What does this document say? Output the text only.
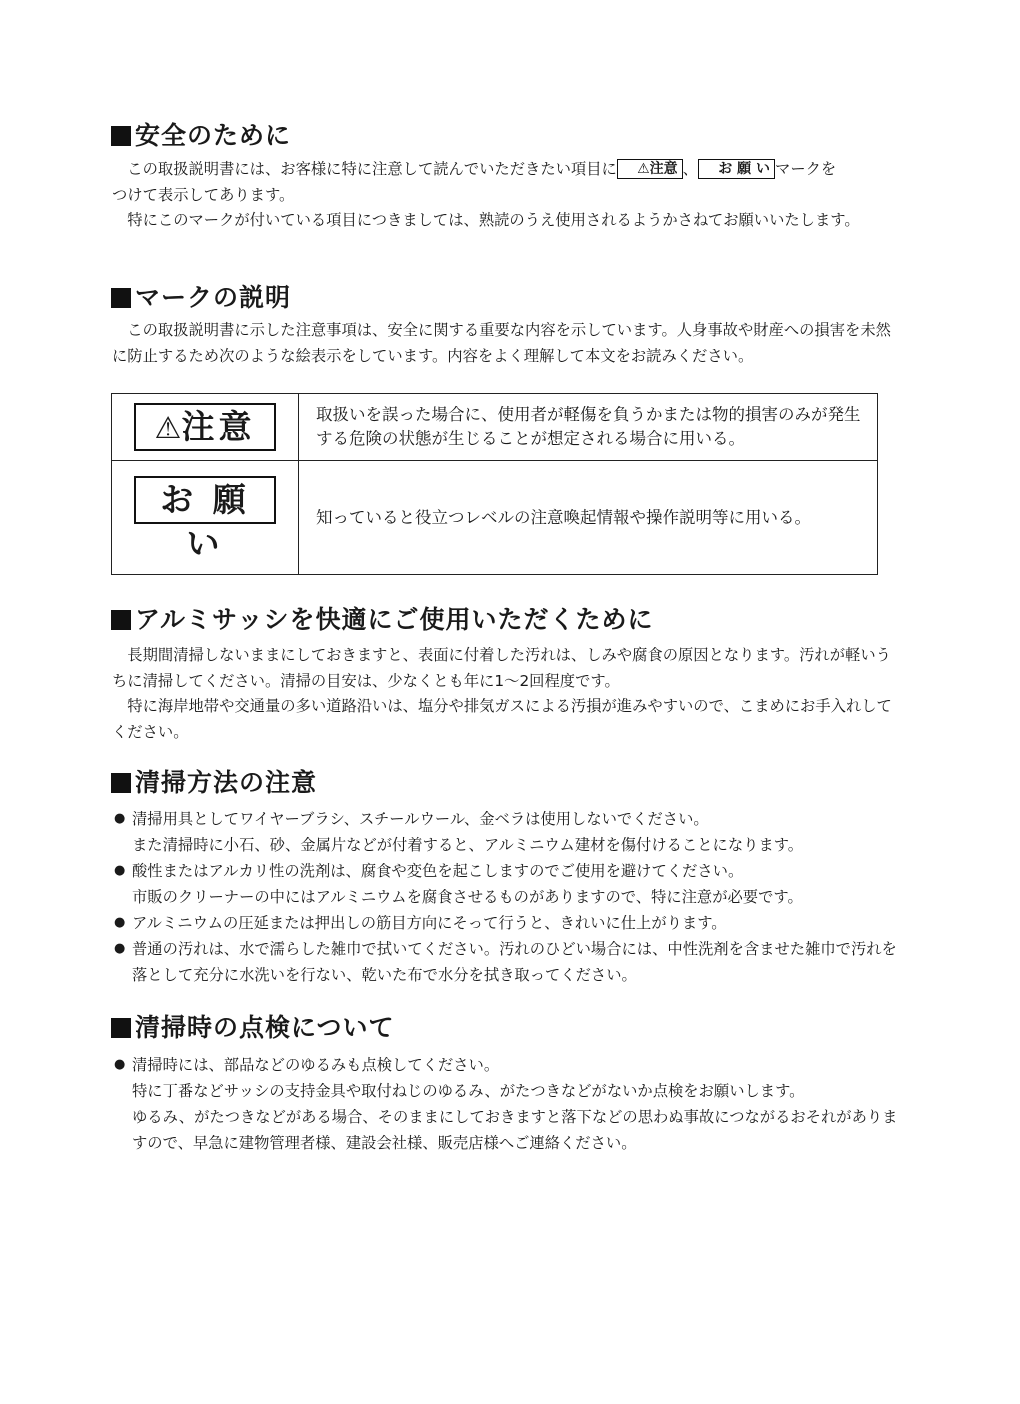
安全のために

この取扱説明書には、お客様に特に注意して読んでいただきたい項目に ⚠注意 、 お 願 い マークを

つけて表示してあります。

特にこのマークが付いている項目につきましては、熟読のうえ使用されるようかさねてお願いいたします。

マークの説明

この取扱説明書に示した注意事項は、安全に関する重要な内容を示しています。人身事故や財産への損害を未然に防止するため次のような絵表示をしています。内容をよく理解して本文をお読みください。

⚠注意	取扱いを誤った場合に、使用者が軽傷を負うかまたは物的損害のみが発生する危険の状態が生じることが想定される場合に用いる。
お 願 い	知っていると役立つレベルの注意喚起情報や操作説明等に用いる。
アルミサッシを快適にご使用いただくために

長期間清掃しないままにしておきますと、表面に付着した汚れは、しみや腐食の原因となります。汚れが軽いうちに清掃してください。清掃の目安は、少なくとも年に1～2回程度です。

特に海岸地帯や交通量の多い道路沿いは、塩分や排気ガスによる汚損が進みやすいので、こまめにお手入れしてください。

清掃方法の注意
● 清掃用具としてワイヤーブラシ、スチールウール、金ベラは使用しないでください。

また清掃時に小石、砂、金属片などが付着すると、アルミニウム建材を傷付けることになります。

● 酸性またはアルカリ性の洗剤は、腐食や変色を起こしますのでご使用を避けてください。

市販のクリーナーの中にはアルミニウムを腐食させるものがありますので、特に注意が必要です。

● アルミニウムの圧延または押出しの筋目方向にそって行うと、きれいに仕上がります。

● 普通の汚れは、水で濡らした雑巾で拭いてください。汚れのひどい場合には、中性洗剤を含ませた雑巾で汚れを落として充分に水洗いを行ない、乾いた布で水分を拭き取ってください。

清掃時の点検について
● 清掃時には、部品などのゆるみも点検してください。

特に丁番などサッシの支持金具や取付ねじのゆるみ、がたつきなどがないか点検をお願いします。

ゆるみ、がたつきなどがある場合、そのままにしておきますと落下などの思わぬ事故につながるおそれがありますので、早急に建物管理者様、建設会社様、販売店様へご連絡ください。
